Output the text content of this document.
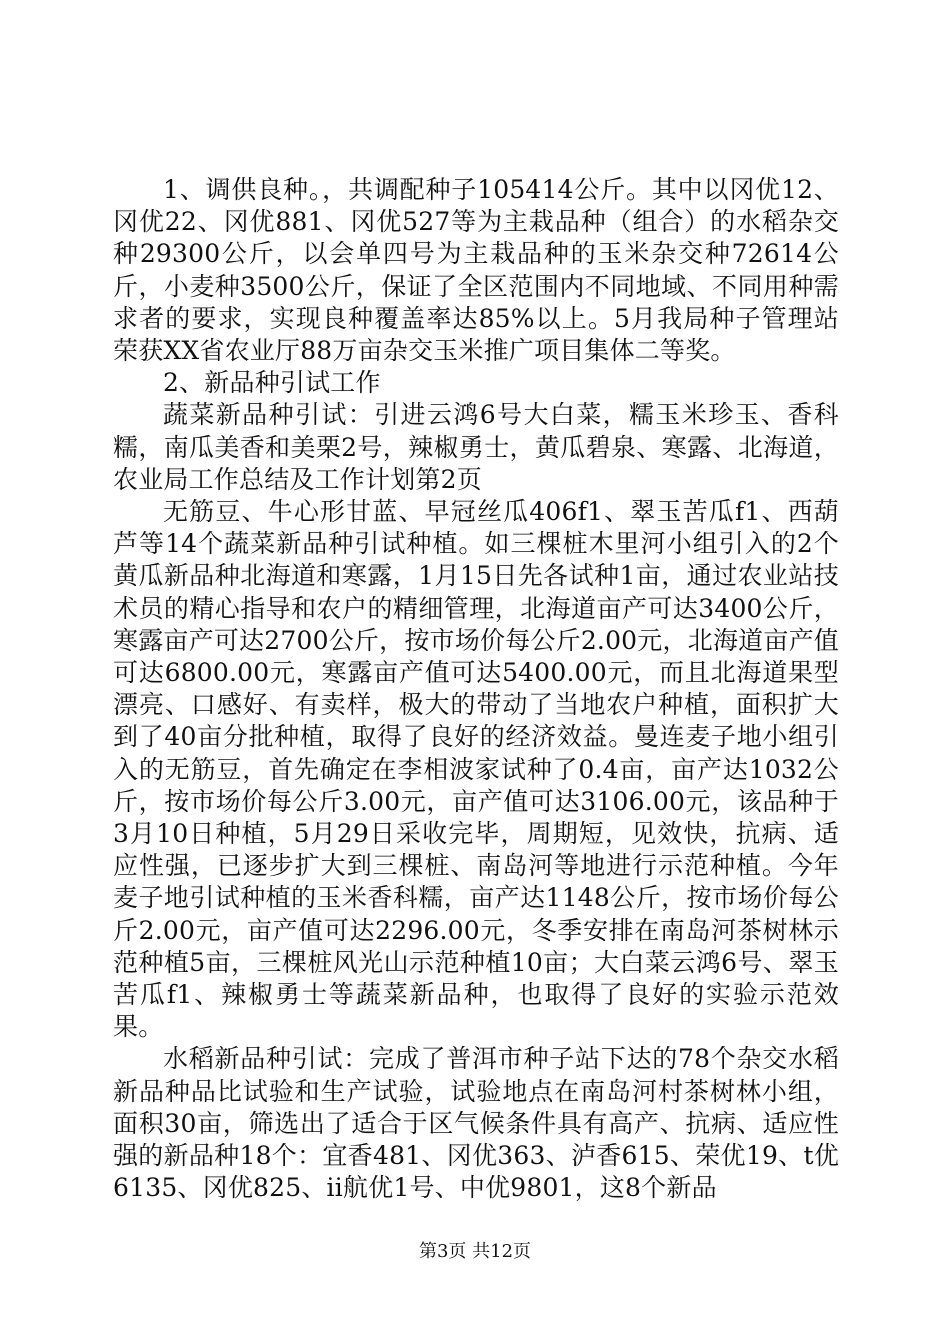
1、调供良种。，共调配种子105414公斤。其中以冈优12、冈优22、冈优881、冈优527等为主栽品种（组合）的水稻杂交种29300公斤，以会单四号为主栽品种的玉米杂交种72614公斤，小麦种3500公斤，保证了全区范围内不同地域、不同用种需求者的要求，实现良种覆盖率达85%以上。5月我局种子管理站荣获XX省农业厅88万亩杂交玉米推广项目集体二等奖。

2、新品种引试工作

蔬菜新品种引试：引进云鸿6号大白菜，糯玉米珍玉、香科糯，南瓜美香和美栗2号，辣椒勇士，黄瓜碧泉、寒露、北海道，农业局工作总结及工作计划第2页

无筋豆、牛心形甘蓝、早冠丝瓜406f1、翠玉苦瓜f1、西葫芦等14个蔬菜新品种引试种植。如三棵桩木里河小组引入的2个黄瓜新品种北海道和寒露，1月15日先各试种1亩，通过农业站技术员的精心指导和农户的精细管理，北海道亩产可达3400公斤，寒露亩产可达2700公斤，按市场价每公斤2.00元，北海道亩产值可达6800.00元，寒露亩产值可达5400.00元，而且北海道果型漂亮、口感好、有卖样，极大的带动了当地农户种植，面积扩大到了40亩分批种植，取得了良好的经济效益。曼连麦子地小组引入的无筋豆，首先确定在李相波家试种了0.4亩，亩产达1032公斤，按市场价每公斤3.00元，亩产值可达3106.00元，该品种于3月10日种植，5月29日采收完毕，周期短，见效快，抗病、适应性强，已逐步扩大到三棵桩、南岛河等地进行示范种植。今年麦子地引试种植的玉米香科糯，亩产达1148公斤，按市场价每公斤2.00元，亩产值可达2296.00元，冬季安排在南岛河茶树林示范种植5亩，三棵桩风光山示范种植10亩；大白菜云鸿6号、翠玉苦瓜f1、辣椒勇士等蔬菜新品种，也取得了良好的实验示范效果。

水稻新品种引试：完成了普洱市种子站下达的78个杂交水稻新品种品比试验和生产试验，试验地点在南岛河村茶树林小组，面积30亩，筛选出了适合于区气候条件具有高产、抗病、适应性强的新品种18个：宜香481、冈优363、泸香615、荣优19、t优6135、冈优825、ii航优1号、中优9801，这8个新品

第3页 共12页
